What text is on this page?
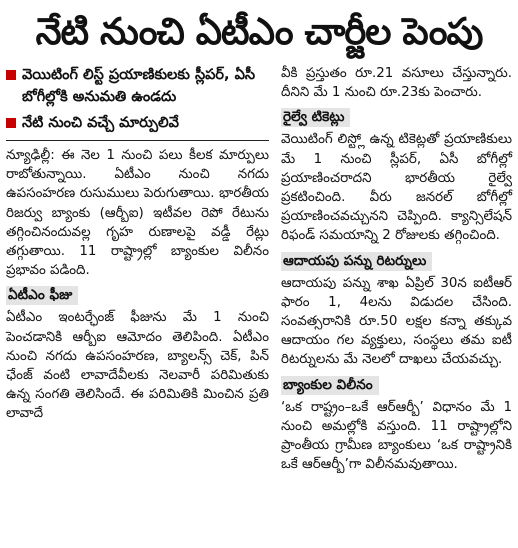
నేటి నుంచి ఏటీఎం చార్జీల పెంపు
వెయిటింగ్ లిస్ట్ ప్రయాణికులకు స్లీపర్, ఏసీ బోగీల్లోకి అనుమతి ఉండదు
నేటి నుంచి వచ్చే మార్పులివే

న్యూఢిల్లీ: ఈ నెల 1 నుంచి పలు కీలక మార్పులు రాబోతున్నాయి. ఏటీఎం నుంచి నగదు ఉపసంహరణ రుసుములు పెరుగుతాయి. భారతీయ రిజర్వు బ్యాంకు (ఆర్బీఐ) ఇటీవల రెపో రేటును తగ్గించినందువల్ల గృహ రుణాలపై వడ్డీ రేట్లు తగ్గుతాయి. 11 రాష్ట్రాల్లో బ్యాంకుల విలీనం ప్రభావం పడింది.

ఏటీఎం ఫీజు

ఏటీఎం ఇంటర్ఛేంజ్ ఫీజును మే 1 నుంచి పెంచడానికి ఆర్బీఐ ఆమోదం తెలిపింది. ఏటీఎం నుంచి నగదు ఉపసంహరణ, బ్యాలన్స్ చెక్, పిన్ ఛేంజ్ వంటి లావాదేవీలకు నెలవారీ పరిమితుకు ఉన్న సంగతి తెలిసిందే. ఈ పరిమితికి మించిన ప్రతి లావాదే

వీకి ప్రస్తుతం రూ.21 వసూలు చేస్తున్నారు. దీనిని మే 1 నుంచి రూ.23కు పెంచారు.

రైల్వే టికెట్లు

వెయిటింగ్ లిస్ట్లో ఉన్న టికెట్లతో ప్రయాణికులు మే 1 నుంచి స్లీపర్, ఏసీ బోగీల్లో ప్రయాణించరాదని భారతీయ రైల్వే ప్రకటించింది. వీరు జనరల్ బోగీల్లో ప్రయాణించవచ్చునని చెప్పింది. క్యాన్సిలేషన్ రిఫండ్ సమయాన్ని 2 రోజులకు తగ్గించింది.

ఆదాయపు పన్ను రిటర్నులు

ఆదాయపు పన్ను శాఖ ఏప్రిల్ 30న ఐటీఆర్ ఫారం 1, 4లను విడుదల చేసింది. సంవత్సరానికి రూ.50 లక్షల కన్నా తక్కువ ఆదాయం గల వ్యక్తులు, సంస్థలు తమ ఐటీ రిటర్నులను మే నెలలో దాఖలు చేయవచ్చు.

బ్యాంకుల విలీనం

‘ఒక రాష్ట్రం–ఒకే ఆర్ఆర్బీ’ విధానం మే 1 నుంచి అమల్లోకి వస్తుంది. 11 రాష్ట్రాల్లోని ప్రాంతీయ గ్రామీణ బ్యాంకులు ‘ఒక రాష్ట్రానికి ఒకే ఆర్ఆర్బీ’గా విలీనమవుతాయి.
